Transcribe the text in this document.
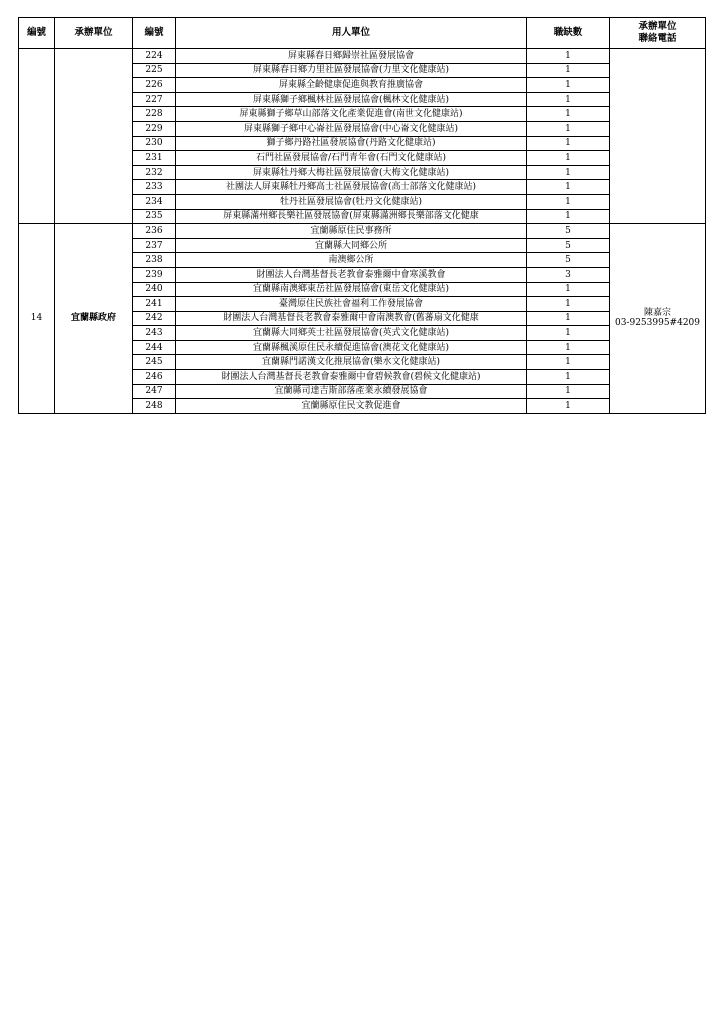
編號	承辦單位	編號	用人單位	職缺數	承辦單位
聯絡電話

		224	屏東縣春日鄉歸崇社區發展協會	1	

		225	屏東縣春日鄉力里社區發展協會(力里文化健康站)	1	
		226	屏東縣全齡健康促進與教育推廣協會	1	
		227	屏東縣獅子鄉楓林社區發展協會(楓林文化健康站)	1	
		228	屏東縣獅子鄉草山部落文化產業促進會(南世文化健康站)	1	
		229	屏東縣獅子鄉中心崙社區發展協會(中心崙文化健康站)	1	
		230	獅子鄉丹路社區發展協會(丹路文化健康站)	1	
		231	石門社區發展協會/石門青年會(石門文化健康站)	1	
		232	屏東縣牡丹鄉大梅社區發展協會(大梅文化健康站)	1	
		233	社團法人屏東縣牡丹鄉高士社區發展協會(高士部落文化健康站)	1	
		234	牡丹社區發展協會(牡丹文化健康站)	1	
		235	屏東縣滿州鄉長樂社區發展協會(屏東縣滿洲鄉長樂部落文化健康	1	
14	宜蘭縣政府	236	宜蘭縣原住民事務所	5	陳嘉宗
03-9253995#4209

		237	宜蘭縣大同鄉公所	5	
		238	南澳鄉公所	5	
		239	財團法人台灣基督長老教會泰雅爾中會寒溪教會	3	
		240	宜蘭縣南澳鄉東岳社區發展協會(東岳文化健康站)	1	
		241	臺灣原住民族社會福利工作發展協會	1	
		242	財團法人台灣基督長老教會泰雅爾中會南澳教會(舊蕃扇文化健康	1	
		243	宜蘭縣大同鄉英士社區發展協會(英式文化健康站)	1	
		244	宜蘭縣楓溪原住民永續促進協會(澳花文化健康站)	1	
		245	宜蘭縣門諾漢文化推展協會(樂水文化健康站)	1	
		246	財團法人台灣基督長老教會泰雅爾中會碧候教會(碧候文化健康站)	1	
		247	宜蘭縣司達吉斯部落產業永續發展協會	1	
		248	宜蘭縣原住民文教促進會	1	
